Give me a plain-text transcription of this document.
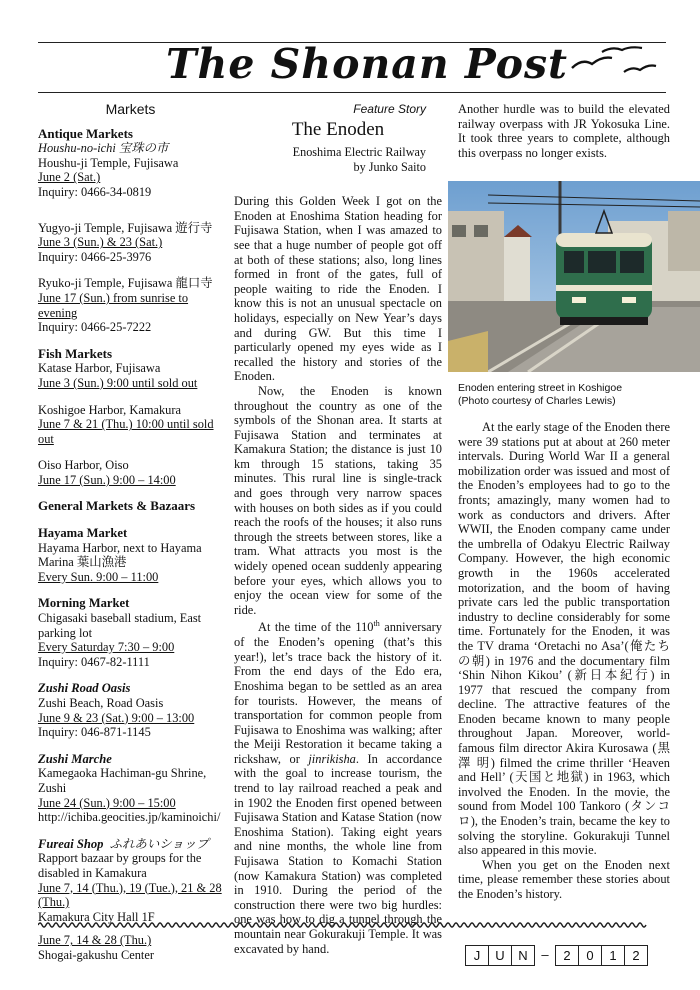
The Shonan Post
Markets
Antique Markets
Houshu-no-ichi 宝珠の市
Houshu-ji Temple, Fujisawa
June 2 (Sat.)
Inquiry: 0466-34-0819
Yugyo-ji Temple, Fujisawa 遊行寺
June 3 (Sun.) & 23 (Sat.)
Inquiry: 0466-25-3976
Ryuko-ji Temple, Fujisawa 龍口寺
June 17 (Sun.) from sunrise to evening
Inquiry: 0466-25-7222
Fish Markets
Katase Harbor, Fujisawa
June 3 (Sun.) 9:00 until sold out
Koshigoe Harbor, Kamakura
June 7 & 21 (Thu.) 10:00 until sold out
Oiso Harbor, Oiso
June 17 (Sun.) 9:00 – 14:00
General Markets & Bazaars
Hayama Market
Hayama Harbor, next to Hayama
Marina 葉山漁港
Every Sun. 9:00 – 11:00
Morning Market
Chigasaki baseball stadium, East
parking lot
Every Saturday 7:30 – 9:00
Inquiry: 0467-82-1111
Zushi Road Oasis
Zushi Beach, Road Oasis
June 9 & 23 (Sat.) 9:00 – 13:00
Inquiry: 046-871-1145
Zushi Marche
Kamegaoka Hachiman-gu Shrine,
Zushi
June 24 (Sun.) 9:00 – 15:00
http://ichiba.geocities.jp/kaminoichi/
Fureai Shop ふれあいショップ
Rapport bazaar by groups for the
disabled in Kamakura
June 7, 14 (Thu.), 19 (Tue.), 21 & 28
(Thu.)
Kamakura City Hall 1F
June 7, 14 & 28 (Thu.)
Shogai-gakushu Center
Feature Story
The Enoden
Enoshima Electric Railway
by Junko Saito

During this Golden Week I got on the Enoden at Enoshima Station heading for Fujisawa Station, when I was amazed to see that a huge number of people got off at both of these stations; also, long lines formed in front of the gates, full of people waiting to ride the Enoden. I know this is not an unusual spectacle on holidays, especially on New Year’s days and during GW. But this time I particularly opened my eyes wide as I recalled the history and stories of the Enoden.

Now, the Enoden is known throughout the country as one of the symbols of the Shonan area. It starts at Fujisawa Station and terminates at Kamakura Station; the distance is just 10 km through 15 stations, taking 35 minutes. This rural line is single-track and goes through very narrow spaces with houses on both sides as if you could reach the roofs of the houses; it also runs through the streets between stores, like a tram. What attracts you most is the widely opened ocean suddenly appearing before your eyes, which allows you to enjoy the ocean view for some of the ride.

At the time of the 110th anniversary of the Enoden’s opening (that’s this year!), let’s trace back the history of it. From the end days of the Edo era, Enoshima began to be settled as an area for tourists. However, the means of transportation for common people from Fujisawa to Enoshima was walking; after the Meiji Restoration it became taking a rickshaw, or jinrikisha. In accordance with the goal to increase tourism, the trend to lay railroad reached a peak and in 1902 the Enoden first opened between Fujisawa Station and Katase Station (now Enoshima Station). Taking eight years and nine months, the whole line from Fujisawa Station to Komachi Station (now Kamakura Station) was completed in 1910. During the period of the construction there were two big hurdles: one was how to dig a tunnel through the mountain near Gokurakuji Temple. It was excavated by hand.

Another hurdle was to build the elevated railway overpass with JR Yokosuka Line. It took three years to complete, although this overpass no longer exists.

Enoden entering street in Koshigoe
(Photo courtesy of Charles Lewis)

At the early stage of the Enoden there were 39 stations put at about at 260 meter intervals. During World War II a general mobilization order was issued and most of the Enoden’s employees had to go to the fronts; amazingly, many women had to work as conductors and drivers. After WWII, the Enoden company came under the umbrella of Odakyu Electric Railway Company. However, the high economic growth in the 1960s accelerated motorization, and the boom of having private cars led the public transportation industry to decline considerably for some time. Fortunately for the Enoden, it was the TV drama ‘Oretachi no Asa’(俺たちの朝) in 1976 and the documentary film ‘Shin Nihon Kikou’ (新日本紀行) in 1977 that rescued the company from decline. The attractive features of the Enoden became known to many people throughout Japan. Moreover, world-famous film director Akira Kurosawa (黒澤 明) filmed the crime thriller ‘Heaven and Hell’ (天国と地獄) in 1963, which involved the Enoden. In the movie, the sound from Model 100 Tankoro (タンコロ), the Enoden’s train, became the key to solving the storyline. Gokurakuji Tunnel also appeared in this movie.

When you get on the Enoden next time, please remember these stories about the Enoden’s history.

J	U	N	–	2	0	1	2
